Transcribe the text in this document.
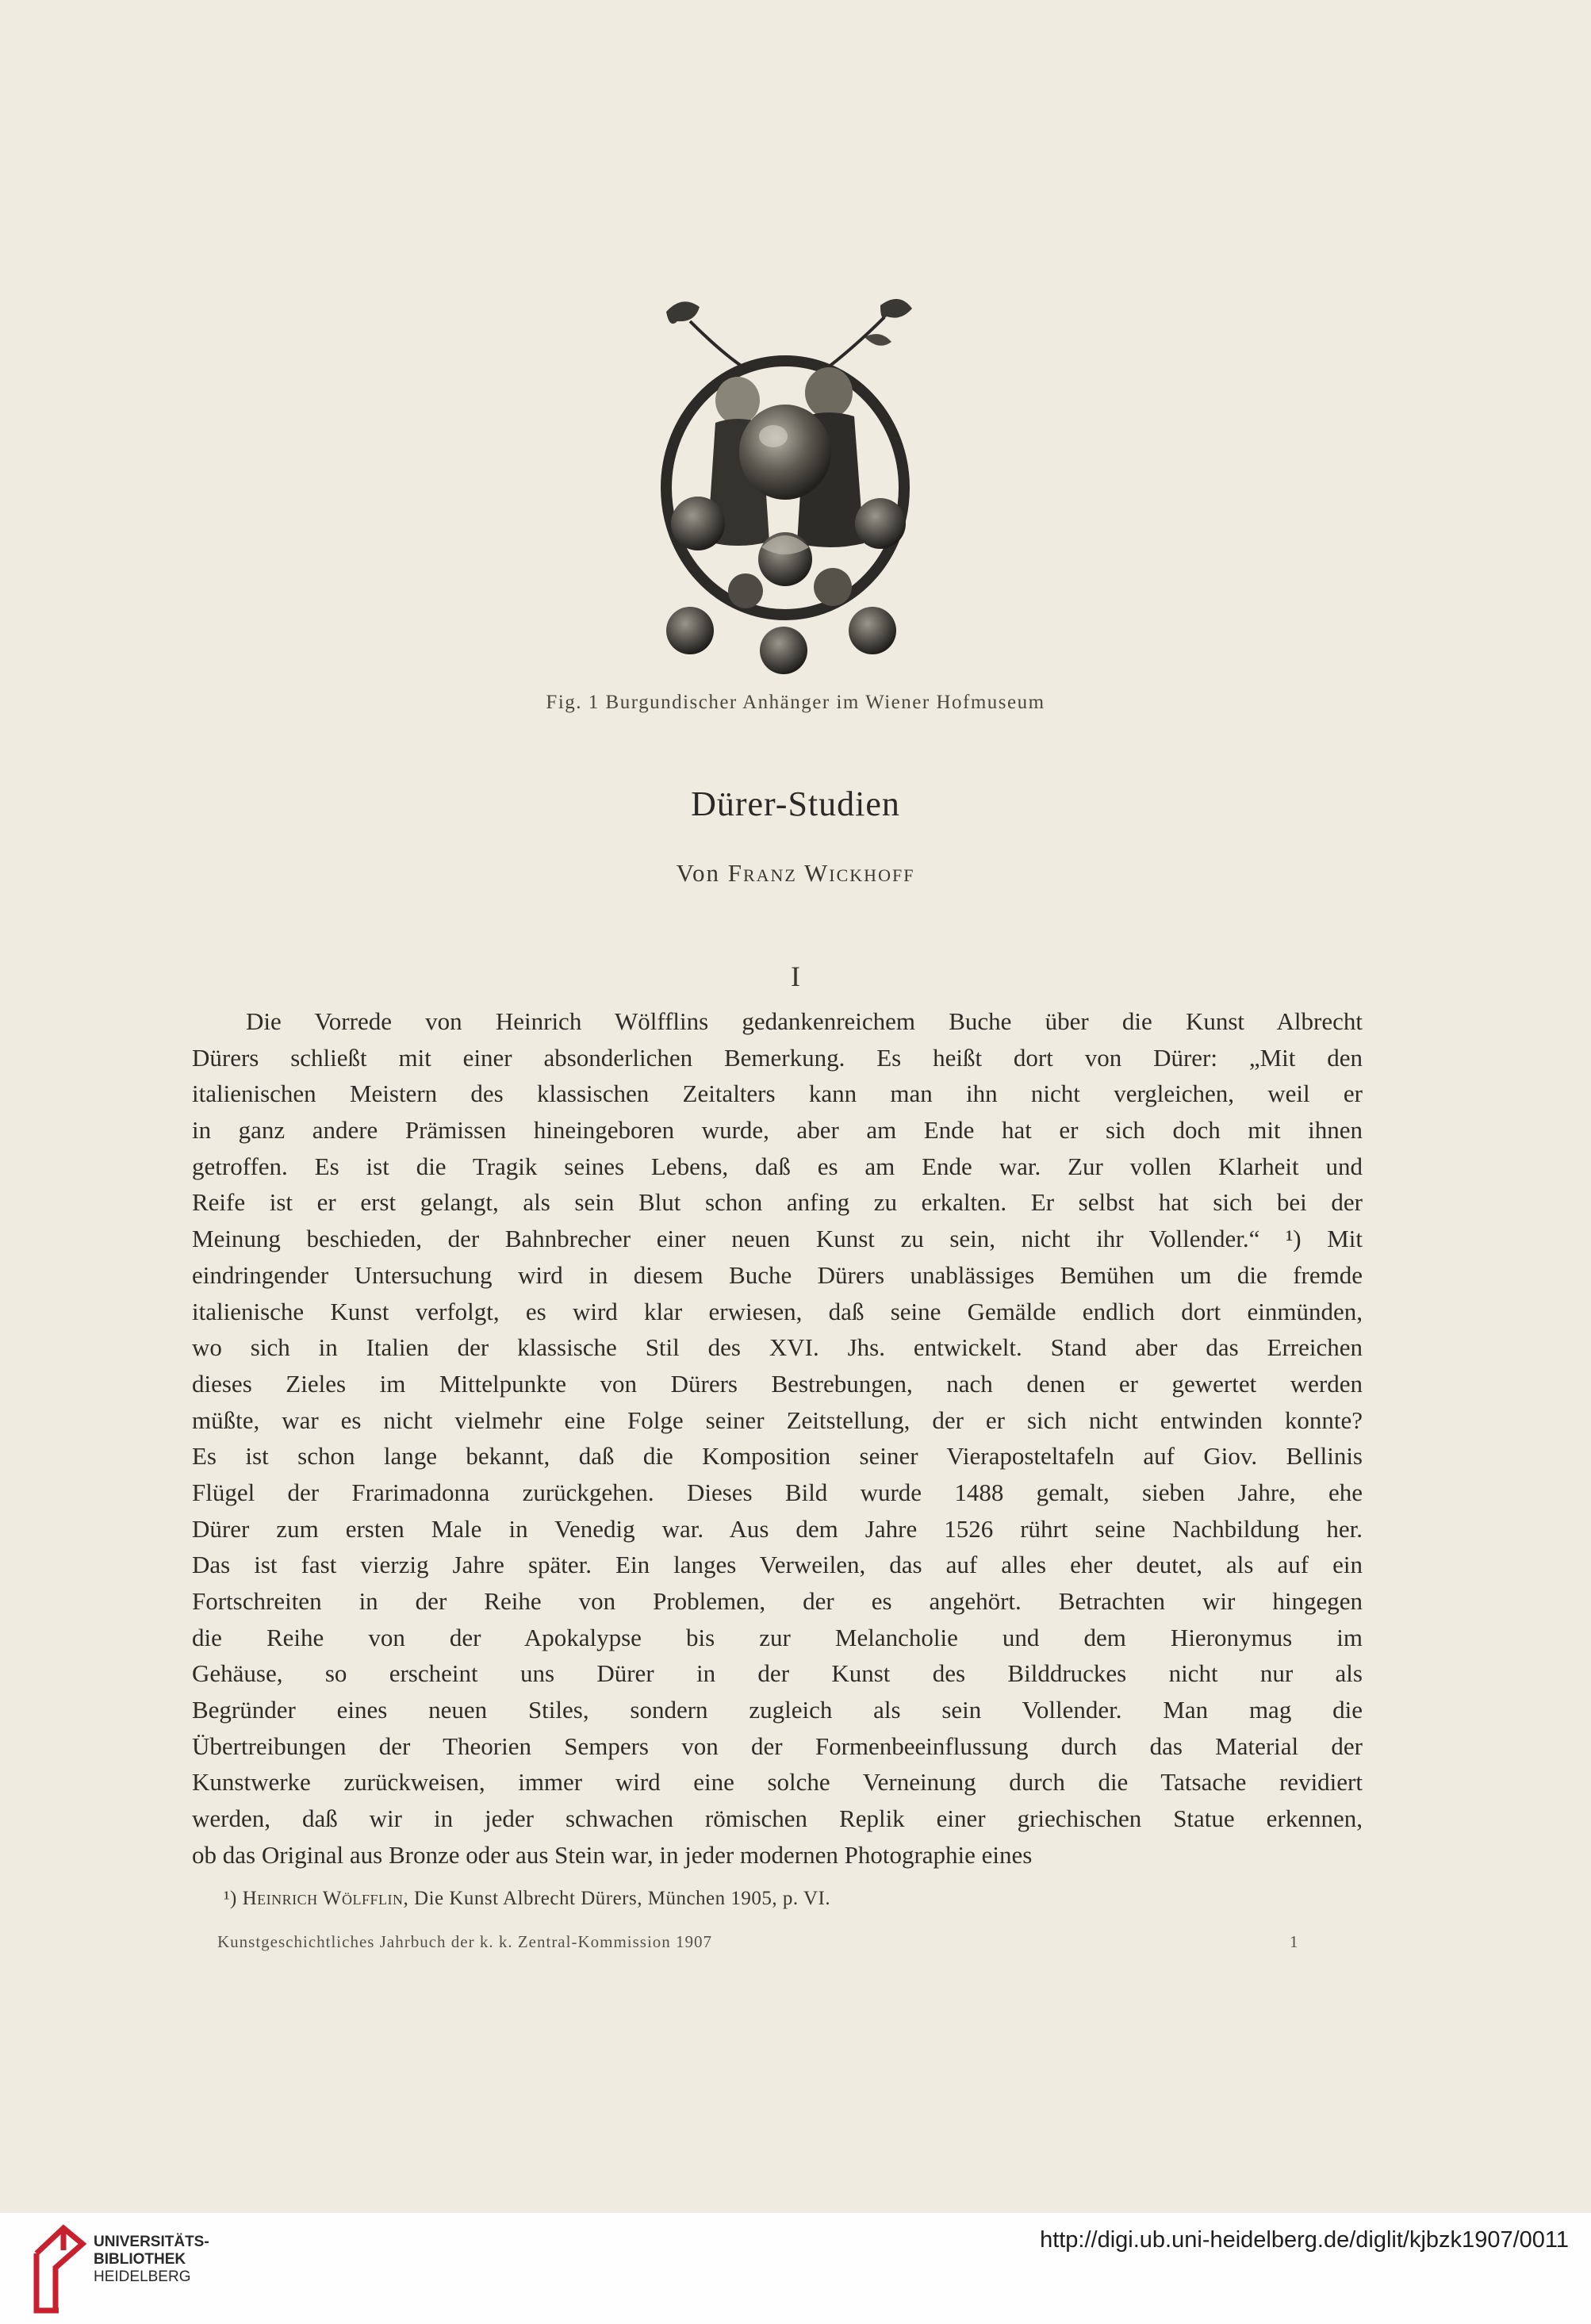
Fig. 1 Burgundischer Anhänger im Wiener Hofmuseum
Dürer-Studien
Von Franz Wickhoff
I
Die Vorrede von Heinrich Wölfflins gedankenreichem Buche über die Kunst Albrecht
Dürers schließt mit einer absonderlichen Bemerkung. Es heißt dort von Dürer: „Mit den
italienischen Meistern des klassischen Zeitalters kann man ihn nicht vergleichen, weil er
in ganz andere Prämissen hineingeboren wurde, aber am Ende hat er sich doch mit ihnen
getroffen. Es ist die Tragik seines Lebens, daß es am Ende war. Zur vollen Klarheit und
Reife ist er erst gelangt, als sein Blut schon anfing zu erkalten. Er selbst hat sich bei der
Meinung beschieden, der Bahnbrecher einer neuen Kunst zu sein, nicht ihr Vollender.“ ¹) Mit
eindringender Untersuchung wird in diesem Buche Dürers unablässiges Bemühen um die fremde
italienische Kunst verfolgt, es wird klar erwiesen, daß seine Gemälde endlich dort einmünden,
wo sich in Italien der klassische Stil des XVI. Jhs. entwickelt. Stand aber das Erreichen
dieses Zieles im Mittelpunkte von Dürers Bestrebungen, nach denen er gewertet werden
müßte, war es nicht vielmehr eine Folge seiner Zeitstellung, der er sich nicht entwinden konnte?
Es ist schon lange bekannt, daß die Komposition seiner Vieraposteltafeln auf Giov. Bellinis
Flügel der Frarimadonna zurückgehen. Dieses Bild wurde 1488 gemalt, sieben Jahre, ehe
Dürer zum ersten Male in Venedig war. Aus dem Jahre 1526 rührt seine Nachbildung her.
Das ist fast vierzig Jahre später. Ein langes Verweilen, das auf alles eher deutet, als auf ein
Fortschreiten in der Reihe von Problemen, der es angehört. Betrachten wir hingegen
die Reihe von der Apokalypse bis zur Melancholie und dem Hieronymus im
Gehäuse, so erscheint uns Dürer in der Kunst des Bilddruckes nicht nur als
Begründer eines neuen Stiles, sondern zugleich als sein Vollender. Man mag die
Übertreibungen der Theorien Sempers von der Formenbeeinflussung durch das Material der
Kunstwerke zurückweisen, immer wird eine solche Verneinung durch die Tatsache revidiert
werden, daß wir in jeder schwachen römischen Replik einer griechischen Statue erkennen,
ob das Original aus Bronze oder aus Stein war, in jeder modernen Photographie eines
¹) Heinrich Wölfflin, Die Kunst Albrecht Dürers, München 1905, p. VI.
Kunstgeschichtliches Jahrbuch der k. k. Zentral-Kommission 1907	1
UNIVERSITÄTS-
BIBLIOTHEK
HEIDELBERG
http://digi.ub.uni-heidelberg.de/diglit/kjbzk1907/0011
